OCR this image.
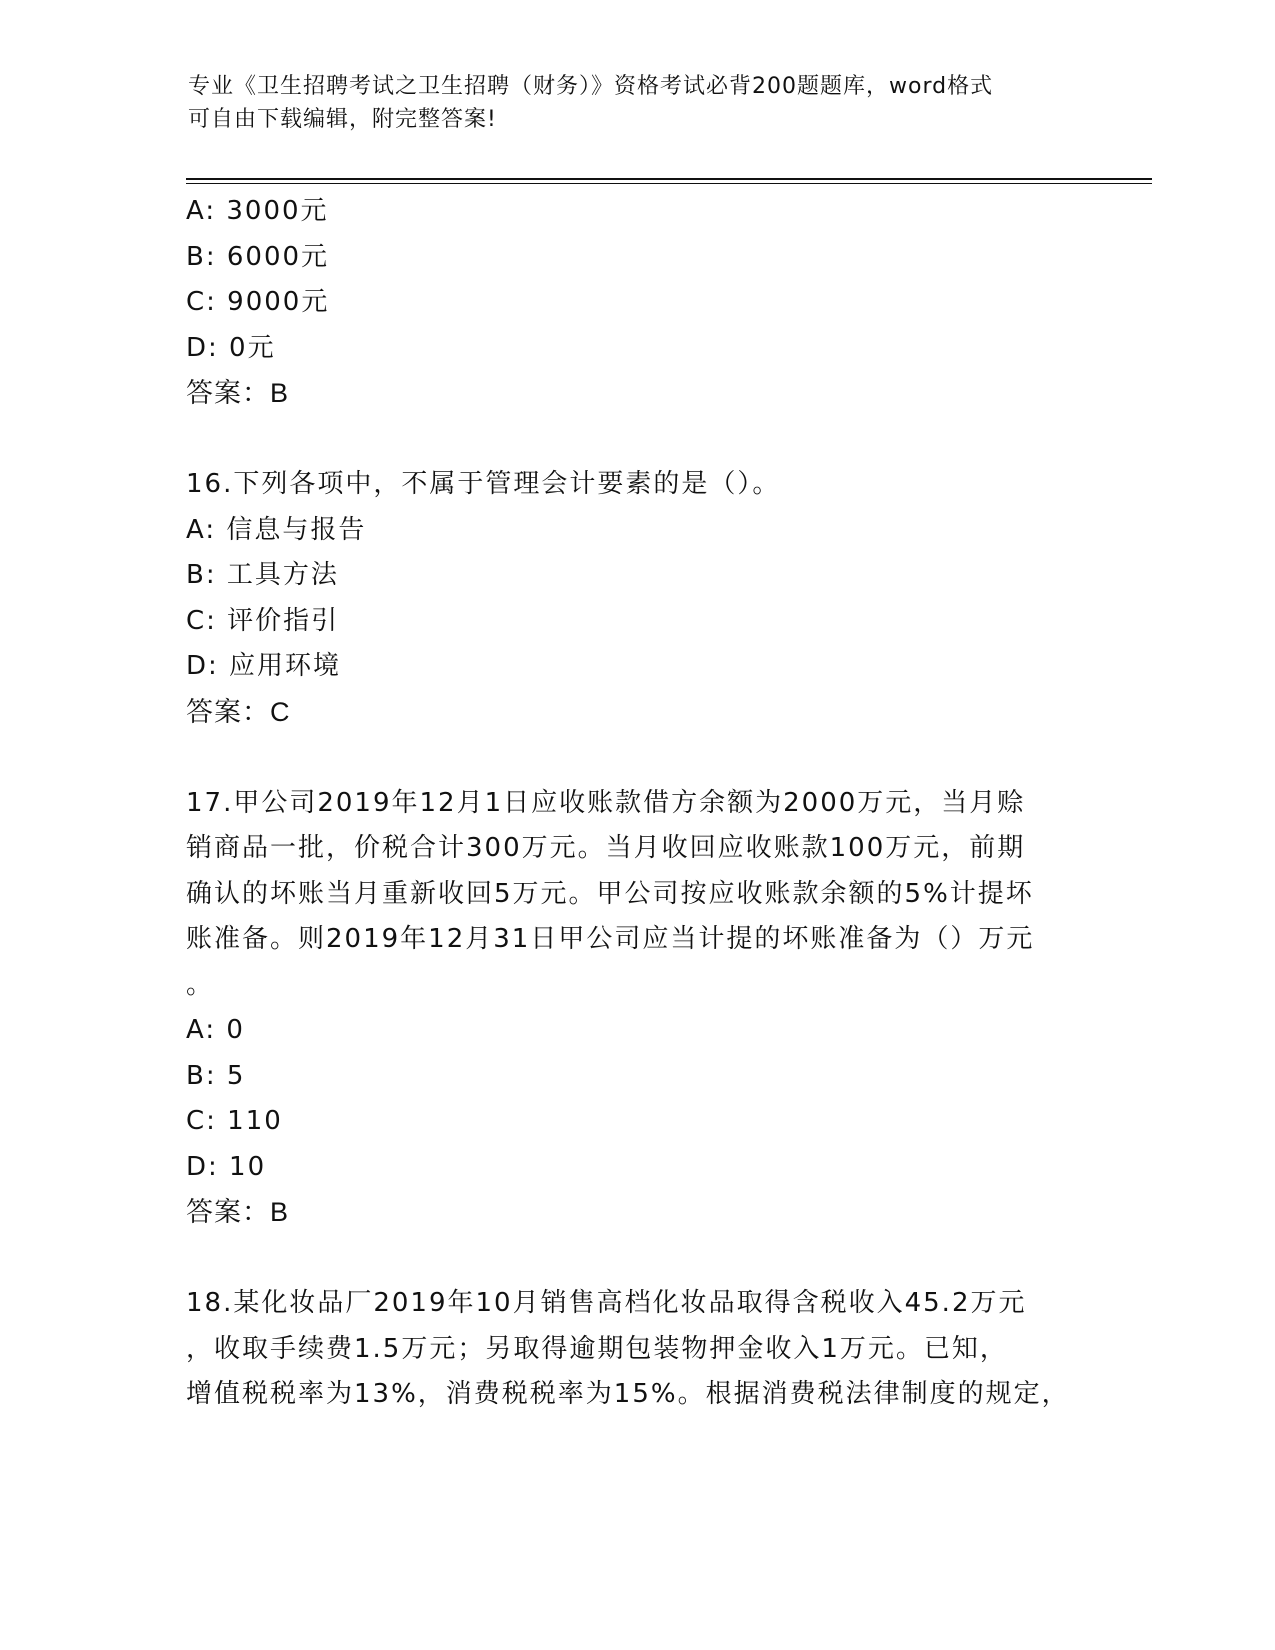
专业《卫生招聘考试之卫生招聘（财务）》资格考试必背200题题库，word格式
可自由下载编辑，附完整答案!
A: 3000元
B: 6000元
C: 9000元
D: 0元
答案：B
16.下列各项中，不属于管理会计要素的是（）。
A: 信息与报告
B: 工具方法
C: 评价指引
D: 应用环境
答案：C
17.甲公司2019年12月1日应收账款借方余额为2000万元，当月赊
销商品一批，价税合计300万元。当月收回应收账款100万元，前期
确认的坏账当月重新收回5万元。甲公司按应收账款余额的5%计提坏
账准备。则2019年12月31日甲公司应当计提的坏账准备为（）万元
。
A: 0
B: 5
C: 110
D: 10
答案：B
18.某化妆品厂2019年10月销售高档化妆品取得含税收入45.2万元
，收取手续费1.5万元；另取得逾期包装物押金收入1万元。已知，
增值税税率为13%，消费税税率为15%。根据消费税法律制度的规定，
